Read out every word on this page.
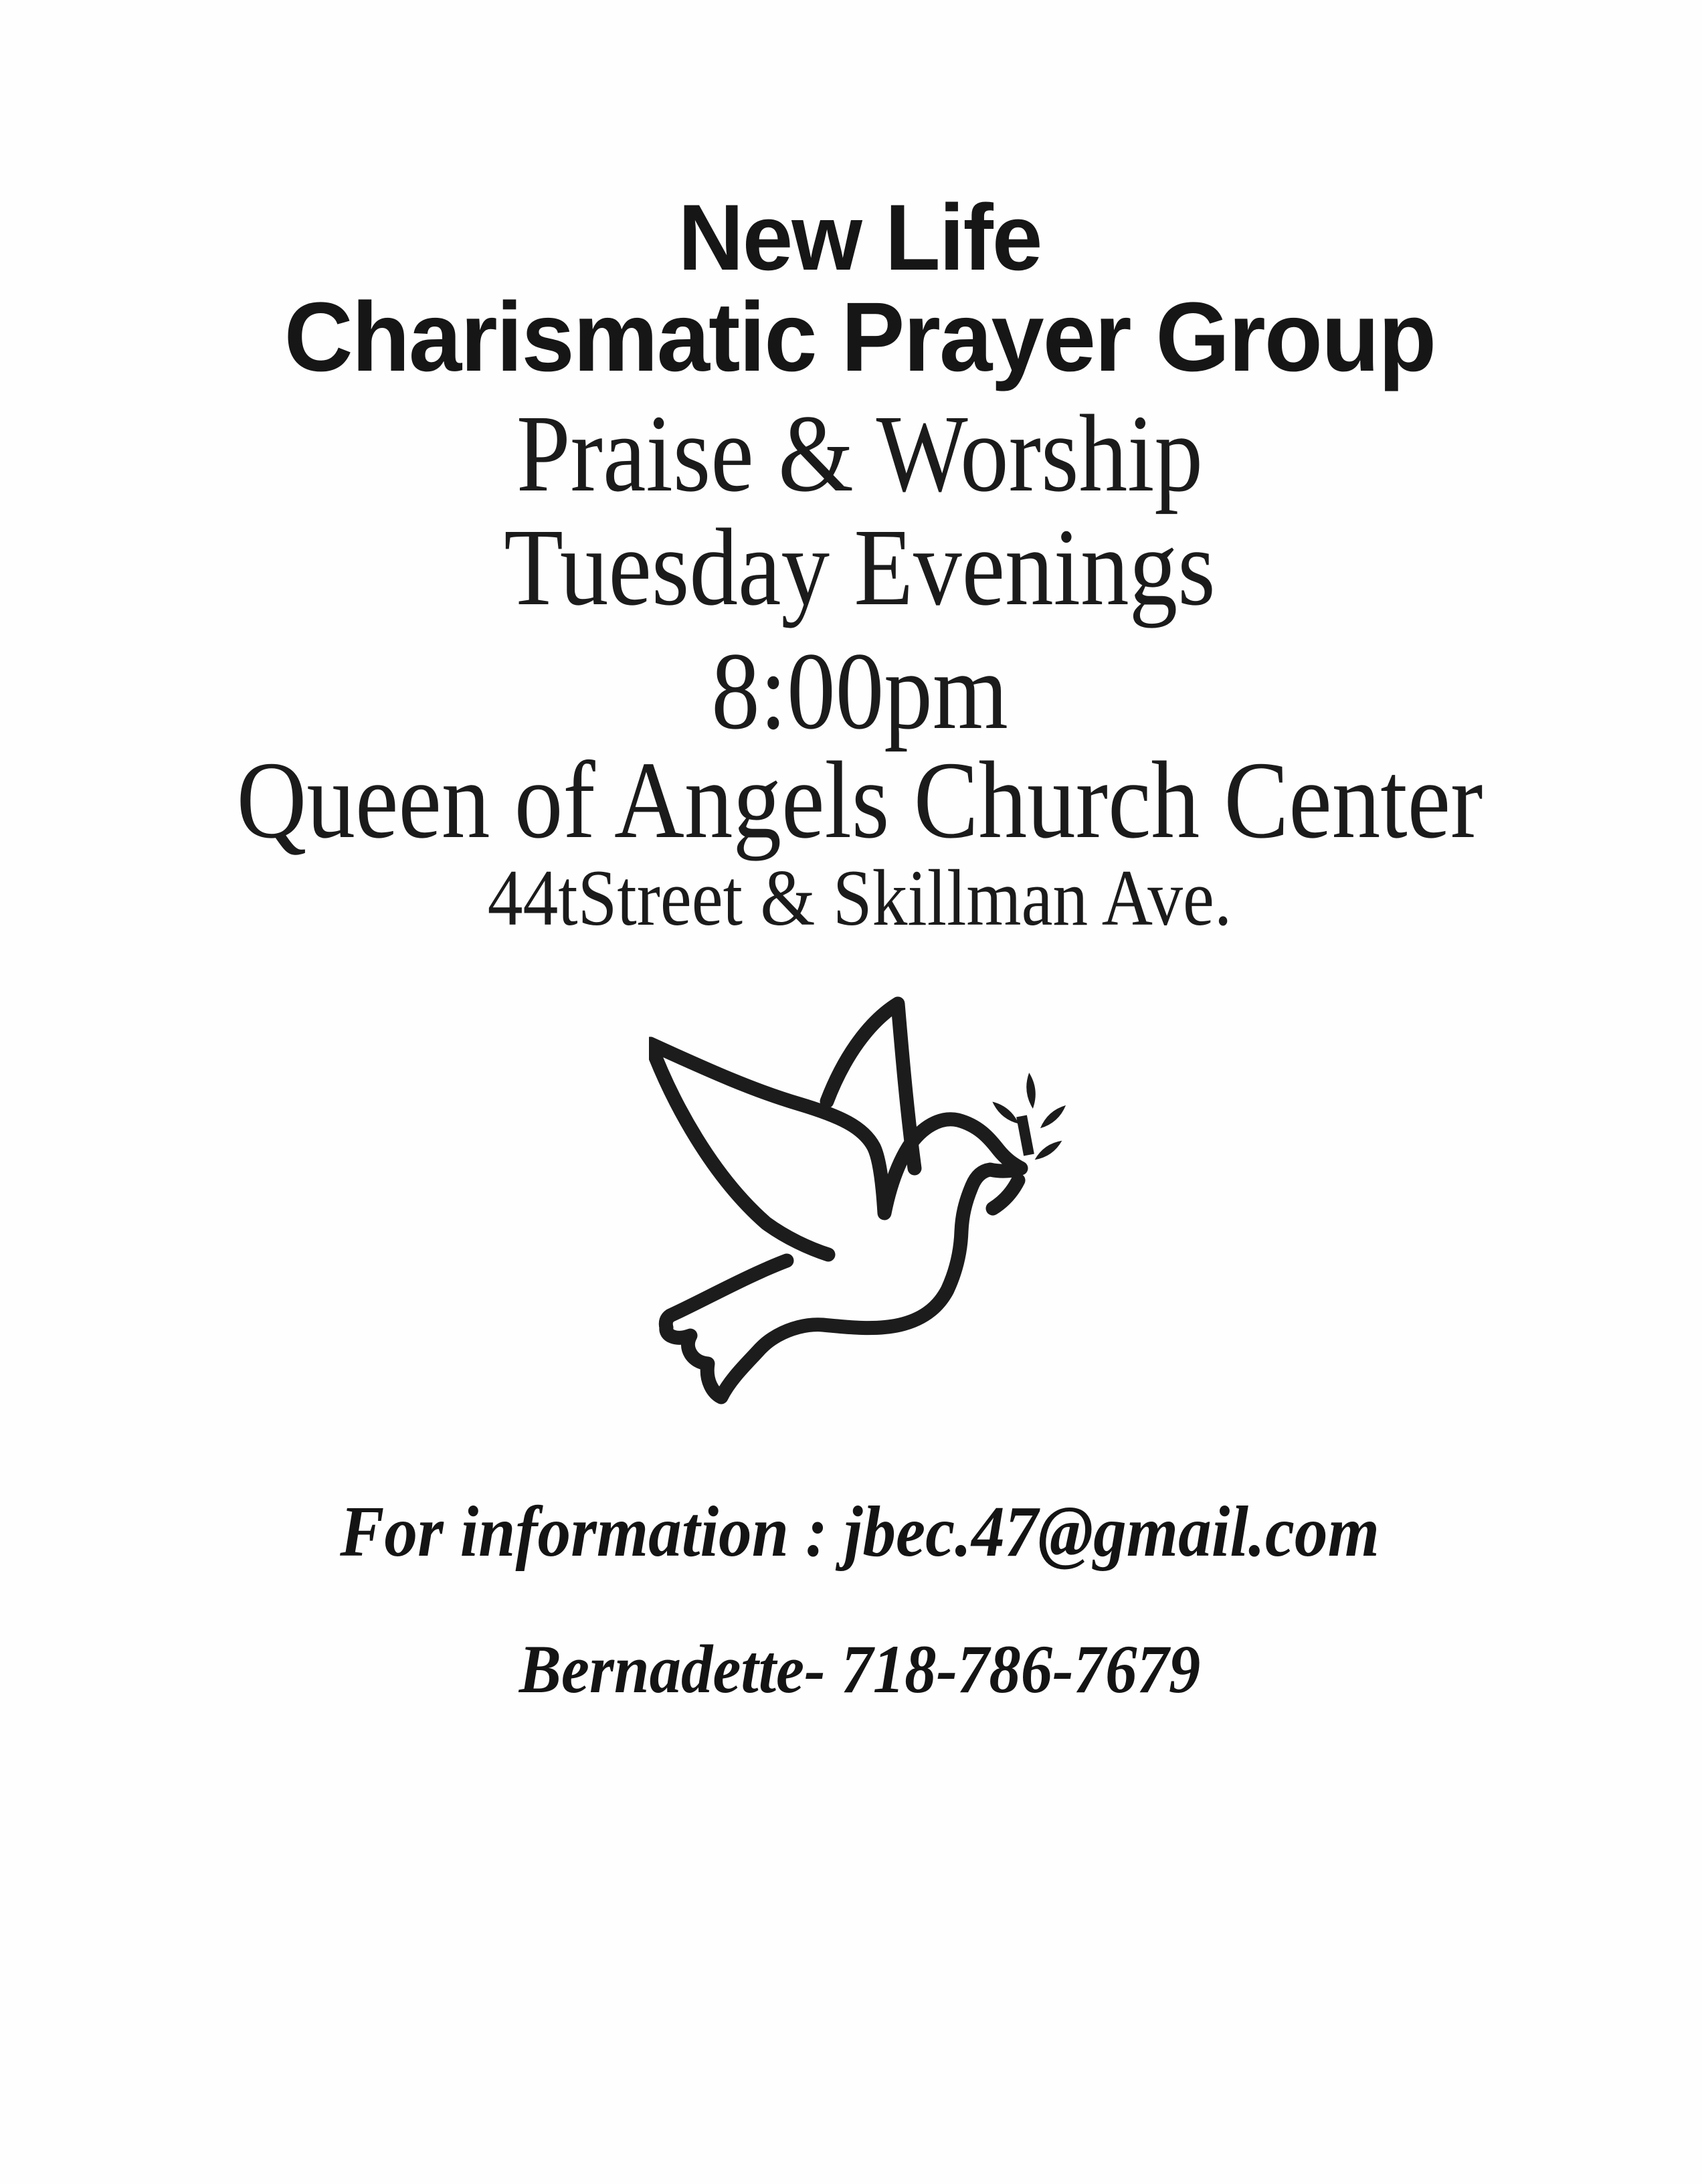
New Life
Charismatic Prayer Group
Praise & Worship
Tuesday Evenings
8:00pm
Queen of Angels Church Center
44tStreet & Skillman Ave.
For information : jbec.47@gmail.com
Bernadette- 718-786-7679
